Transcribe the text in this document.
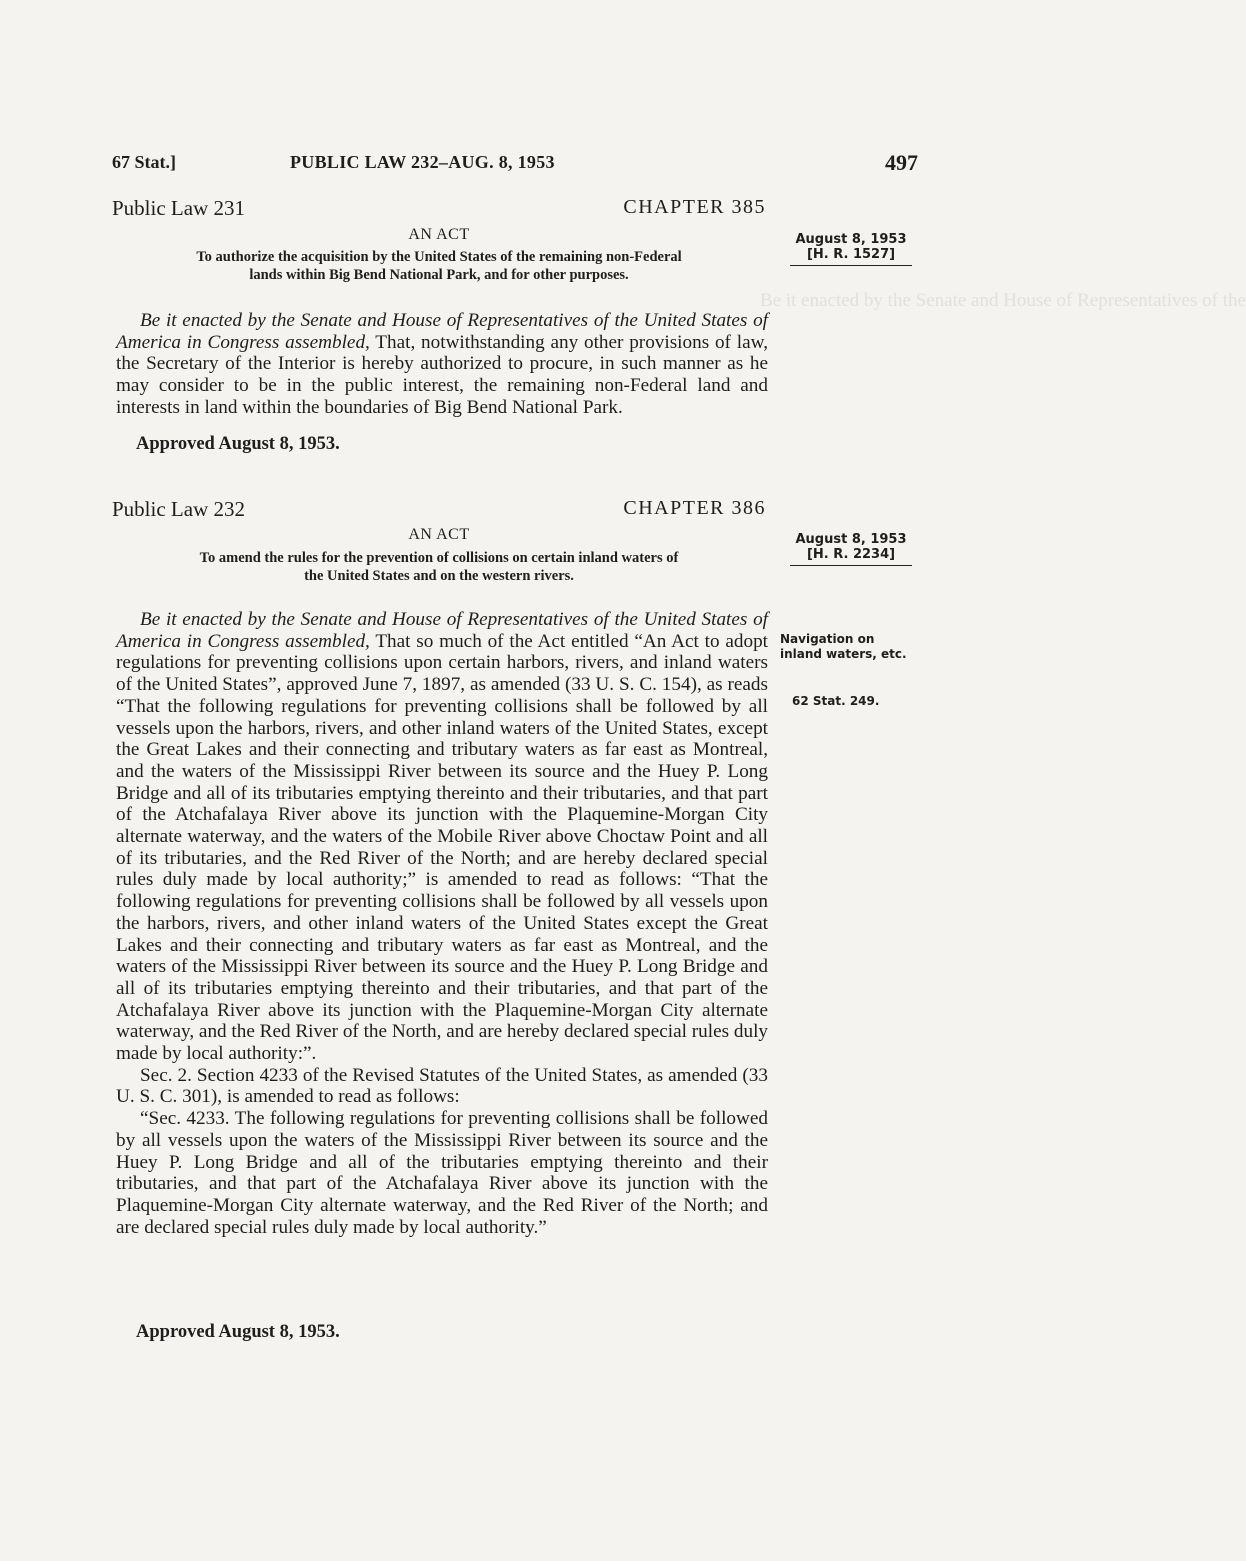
Be it enacted by the Senate and House of Representatives of the
67 Stat.]	PUBLIC LAW 232–AUG. 8, 1953	497
Public Law 231	CHAPTER 385
AN ACT
To authorize the acquisition by the United States of the remaining non-Federal
lands within Big Bend National Park, and for other purposes.
August 8, 1953
[H. R. 1527]

Be it enacted by the Senate and House of Representatives of the United States of America in Congress assembled, That, notwithstanding any other provisions of law, the Secretary of the Interior is hereby authorized to procure, in such manner as he may consider to be in the public interest, the remaining non-Federal land and interests in land within the boundaries of Big Bend National Park.

Approved August 8, 1953.
Public Law 232	CHAPTER 386
AN ACT
To amend the rules for the prevention of collisions on certain inland waters of
the United States and on the western rivers.
August 8, 1953
[H. R. 2234]
Navigation on inland waters, etc.
62 Stat. 249.

Be it enacted by the Senate and House of Representatives of the United States of America in Congress assembled, That so much of the Act entitled “An Act to adopt regulations for preventing collisions upon certain harbors, rivers, and inland waters of the United States”, approved June 7, 1897, as amended (33 U. S. C. 154), as reads “That the following regulations for preventing collisions shall be followed by all vessels upon the harbors, rivers, and other inland waters of the United States, except the Great Lakes and their connecting and tributary waters as far east as Montreal, and the waters of the Mississippi River between its source and the Huey P. Long Bridge and all of its tributaries emptying thereinto and their tributaries, and that part of the Atchafalaya River above its junction with the Plaquemine-Morgan City alternate waterway, and the waters of the Mobile River above Choctaw Point and all of its tributaries, and the Red River of the North; and are hereby declared special rules duly made by local authority;” is amended to read as follows: “That the following regulations for preventing collisions shall be followed by all vessels upon the harbors, rivers, and other inland waters of the United States except the Great Lakes and their connecting and tributary waters as far east as Montreal, and the waters of the Mississippi River between its source and the Huey P. Long Bridge and all of its tributaries emptying thereinto and their tributaries, and that part of the Atchafalaya River above its junction with the Plaquemine-Morgan City alternate waterway, and the Red River of the North, and are hereby declared special rules duly made by local authority:”.

Sec. 2. Section 4233 of the Revised Statutes of the United States, as amended (33 U. S. C. 301), is amended to read as follows:

“Sec. 4233. The following regulations for preventing collisions shall be followed by all vessels upon the waters of the Mississippi River between its source and the Huey P. Long Bridge and all of the tributaries emptying thereinto and their tributaries, and that part of the Atchafalaya River above its junction with the Plaquemine-Morgan City alternate waterway, and the Red River of the North; and are declared special rules duly made by local authority.”

Approved August 8, 1953.
